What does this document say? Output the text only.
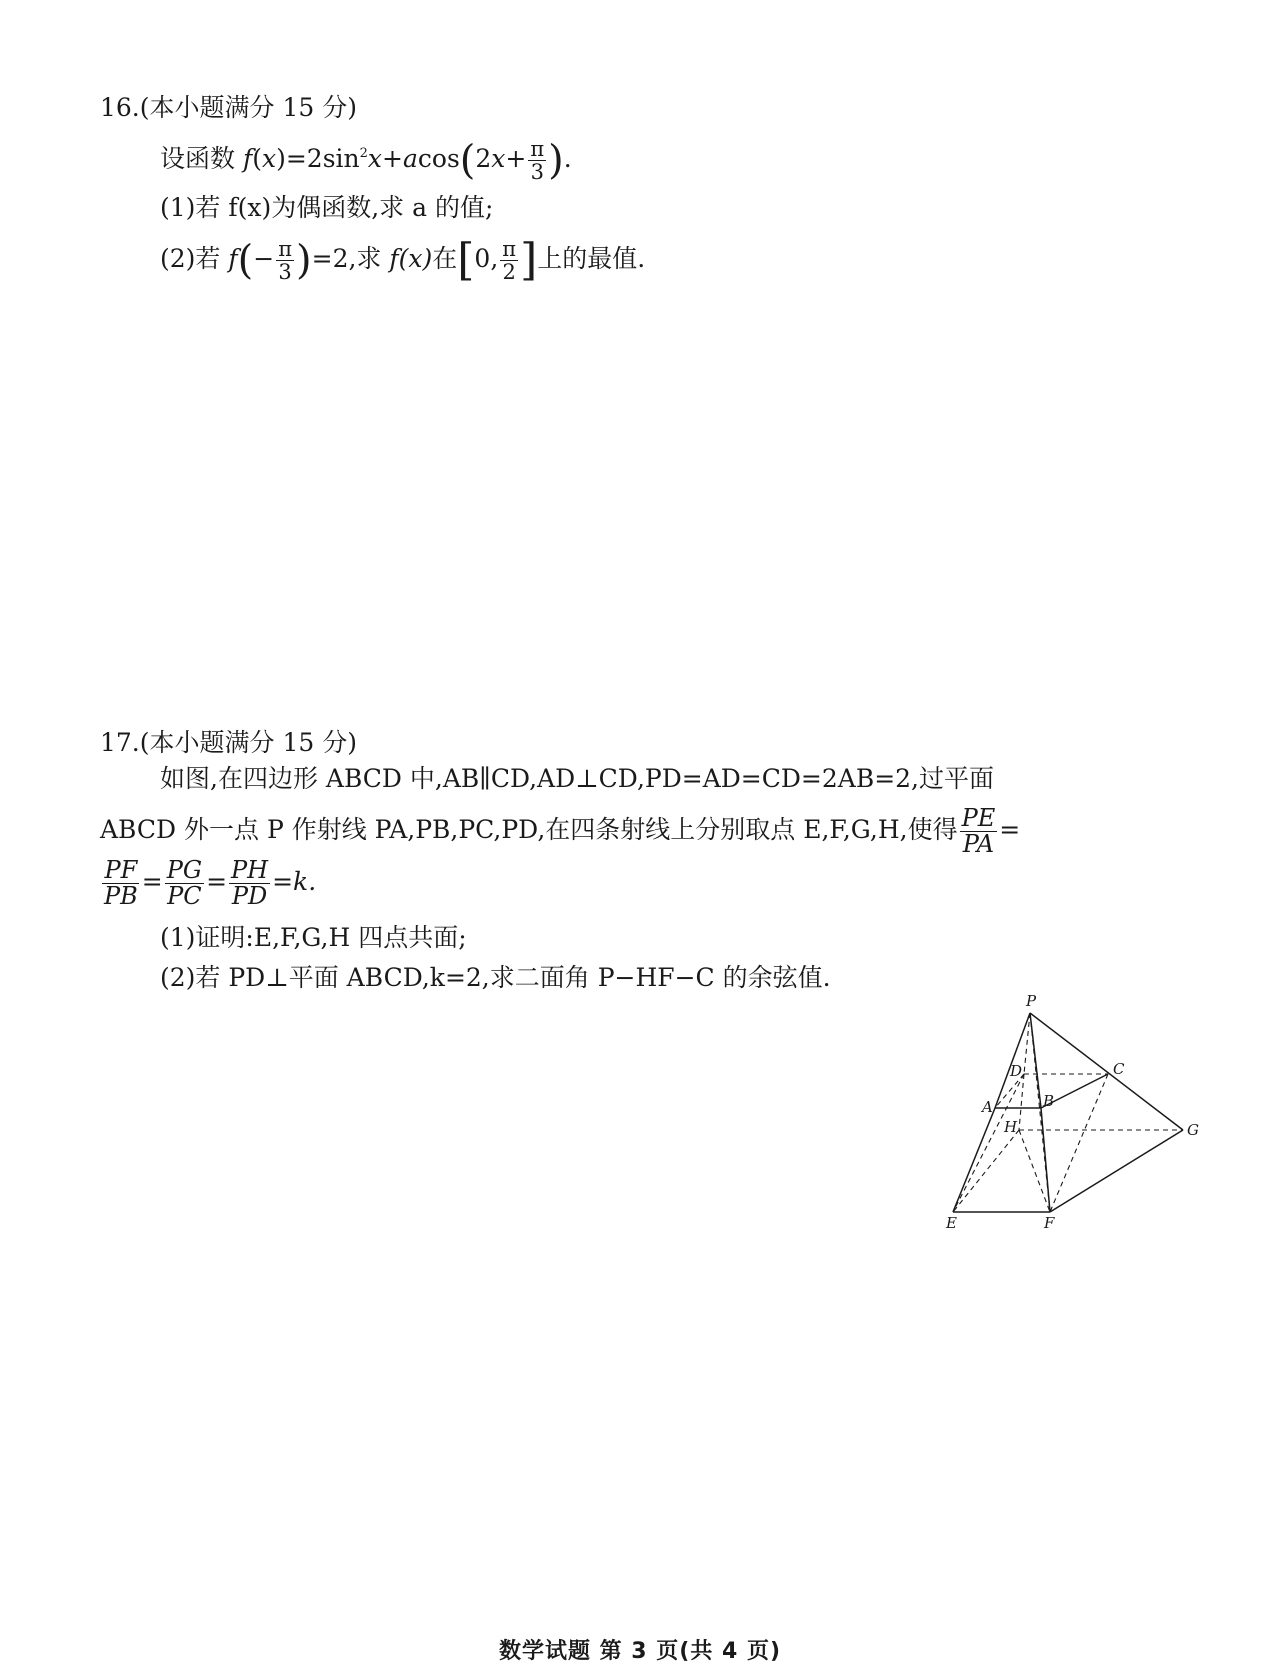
16.(本小题满分 15 分)
设函数 $f(x)=2\sin^2x+acos(2x+ \frac{\pi}{3}$ ).
(1)若 f(x)为偶函数,求 a 的值;
(2)若 $f(- \frac{\pi}{3} )=2$,求 f(x)在[0, $\frac{\pi}{2}$ ]上的最值.
17.(本小题满分 15 分)
如图,在四边形 ABCD 中,AB∥CD,AD⊥CD,PD=AD=CD=2AB=2,过平面
ABCD 外一点 P 作射线 PA,PB,PC,PD,在四条射线上分别取点 E,F,G,H,使得 $\frac{PE}{PA}$ =
$\frac{PF}{PB} = \frac{PG}{PC} = \frac{PH}{PD} =k$.
(1)证明:E,F,G,H 四点共面;
(2)若 PD⊥平面 ABCD,k=2,求二面角 P−HF−C 的余弦值.
P
D	C
A	B
H	G
E	F
数学试题 第 3 页(共 4 页)
